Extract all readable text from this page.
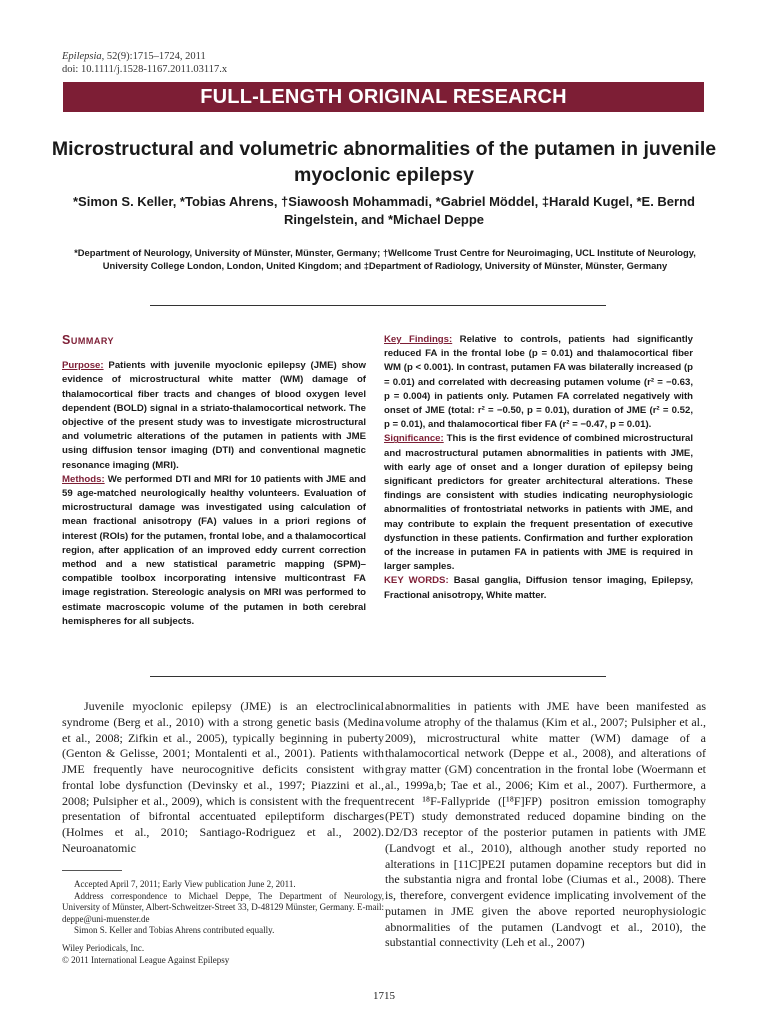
Epilepsia, 52(9):1715–1724, 2011
doi: 10.1111/j.1528-1167.2011.03117.x
FULL-LENGTH ORIGINAL RESEARCH
Microstructural and volumetric abnormalities of the putamen in juvenile myoclonic epilepsy
*Simon S. Keller, *Tobias Ahrens, †Siawoosh Mohammadi, *Gabriel Möddel, ‡Harald Kugel, *E. Bernd Ringelstein, and *Michael Deppe
*Department of Neurology, University of Münster, Münster, Germany; †Wellcome Trust Centre for Neuroimaging, UCL Institute of Neurology, University College London, London, United Kingdom; and ‡Department of Radiology, University of Münster, Münster, Germany
Summary

Purpose: Patients with juvenile myoclonic epilepsy (JME) show evidence of microstructural white matter (WM) damage of thalamocortical fiber tracts and changes of blood oxygen level dependent (BOLD) signal in a striato-thalamocortical network. The objective of the present study was to investigate microstructural and volumetric alterations of the putamen in patients with JME using diffusion tensor imaging (DTI) and conventional magnetic resonance imaging (MRI).

Methods: We performed DTI and MRI for 10 patients with JME and 59 age-matched neurologically healthy volunteers. Evaluation of microstructural damage was investigated using calculation of mean fractional anisotropy (FA) values in a priori regions of interest (ROIs) for the putamen, frontal lobe, and a thalamocortical region, after application of an improved eddy current correction method and a new statistical parametric mapping (SPM)–compatible toolbox incorporating intensive multicontrast FA image registration. Stereologic analysis on MRI was performed to estimate macroscopic volume of the putamen in both cerebral hemispheres for all subjects.

Key Findings: Relative to controls, patients had significantly reduced FA in the frontal lobe (p = 0.01) and thalamocortical fiber WM (p < 0.001). In contrast, putamen FA was bilaterally increased (p = 0.01) and correlated with decreasing putamen volume (r² = −0.63, p = 0.004) in patients only. Putamen FA correlated negatively with onset of JME (total: r² = −0.50, p = 0.01), duration of JME (r² = 0.52, p = 0.01), and thalamocortical fiber FA (r² = −0.47, p = 0.01).

Significance: This is the first evidence of combined microstructural and macrostructural putamen abnormalities in patients with JME, with early age of onset and a longer duration of epilepsy being significant predictors for greater architectural alterations. These findings are consistent with studies indicating neurophysiologic abnormalities of frontostriatal networks in patients with JME, and may contribute to explain the frequent presentation of executive dysfunction in these patients. Confirmation and further exploration of the increase in putamen FA in patients with JME is required in larger samples.

KEY WORDS: Basal ganglia, Diffusion tensor imaging, Epilepsy, Fractional anisotropy, White matter.

Juvenile myoclonic epilepsy (JME) is an electroclinical syndrome (Berg et al., 2010) with a strong genetic basis (Medina et al., 2008; Zifkin et al., 2005), typically beginning in puberty (Genton & Gelisse, 2001; Montalenti et al., 2001). Patients with JME frequently have neurocognitive deficits consistent with frontal lobe dysfunction (Devinsky et al., 1997; Piazzini et al., 2008; Pulsipher et al., 2009), which is consistent with the frequent presentation of bifrontal accentuated epileptiform discharges (Holmes et al., 2010; Santiago-Rodriguez et al., 2002). Neuroanatomic

Accepted April 7, 2011; Early View publication June 2, 2011.

Address correspondence to Michael Deppe, The Department of Neurology, University of Münster, Albert-Schweitzer-Street 33, D-48129 Münster, Germany. E-mail: deppe@uni-muenster.de

Simon S. Keller and Tobias Ahrens contributed equally.

Wiley Periodicals, Inc.

© 2011 International League Against Epilepsy

abnormalities in patients with JME have been manifested as volume atrophy of the thalamus (Kim et al., 2007; Pulsipher et al., 2009), microstructural white matter (WM) damage of a thalamocortical network (Deppe et al., 2008), and alterations of gray matter (GM) concentration in the frontal lobe (Woermann et al., 1999a,b; Tae et al., 2006; Kim et al., 2007). Furthermore, a recent ¹⁸F-Fallypride ([¹⁸F]FP) positron emission tomography (PET) study demonstrated reduced dopamine binding on the D2/D3 receptor of the posterior putamen in patients with JME (Landvogt et al., 2010), although another study reported no alterations in [11C]PE2I putamen dopamine receptors but did in the substantia nigra and frontal lobe (Ciumas et al., 2008). There is, therefore, convergent evidence implicating involvement of the putamen in JME given the above reported neurophysiologic abnormalities of the putamen (Landvogt et al., 2010), the substantial connectivity (Leh et al., 2007)

1715
